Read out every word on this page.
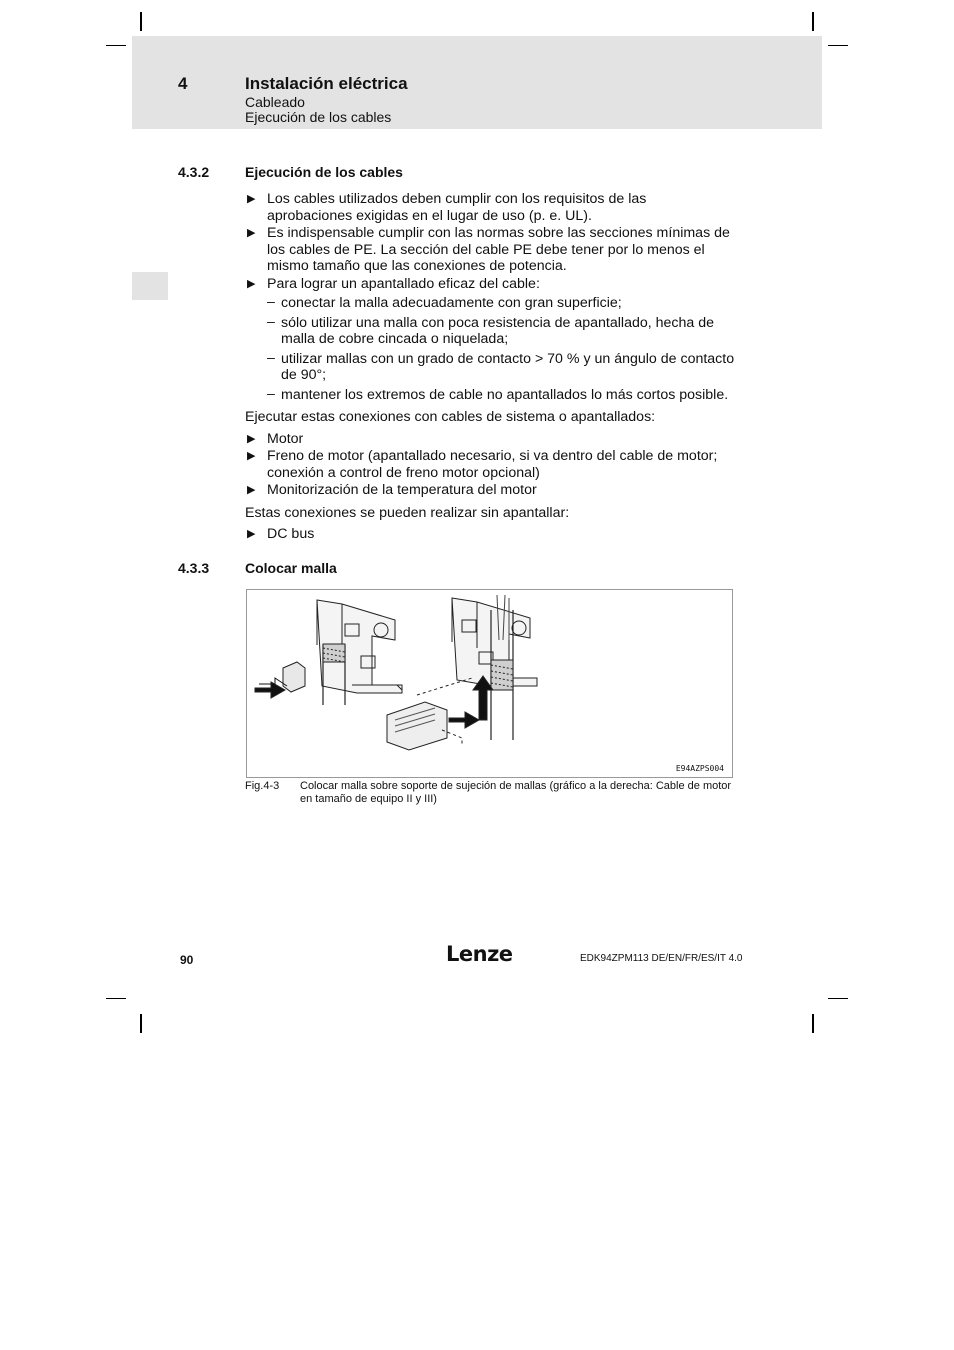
4	Instalación eléctrica
Cableado
Ejecución de los cables
4.3.2	Ejecución de los cables
▶ Los cables utilizados deben cumplir con los requisitos de las aprobaciones exigidas en el lugar de uso (p. e. UL).
▶ Es indispensable cumplir con las normas sobre las secciones mínimas de los cables de PE. La sección del cable PE debe tener por lo menos el mismo tamaño que las conexiones de potencia.
▶ Para lograr un apantallado eficaz del cable:
– conectar la malla adecuadamente con gran superficie;
– sólo utilizar una malla con poca resistencia de apantallado, hecha de malla de cobre cincada o niquelada;
– utilizar mallas con un grado de contacto > 70 % y un ángulo de contacto de 90°;
– mantener los extremos de cable no apantallados lo más cortos posible.
Ejecutar estas conexiones con cables de sistema o apantallados:
▶ Motor
▶ Freno de motor (apantallado necesario, si va dentro del cable de motor; conexión a control de freno motor opcional)
▶ Monitorización de la temperatura del motor
Estas conexiones se pueden realizar sin apantallar:
▶ DC bus
4.3.3	Colocar malla
E94AZPS004
Fig.4-3 Colocar malla sobre soporte de sujeción de mallas (gráfico a la derecha: Cable de motor en tamaño de equipo II y III)
90	Lenze	EDK94ZPM113 DE/EN/FR/ES/IT 4.0
